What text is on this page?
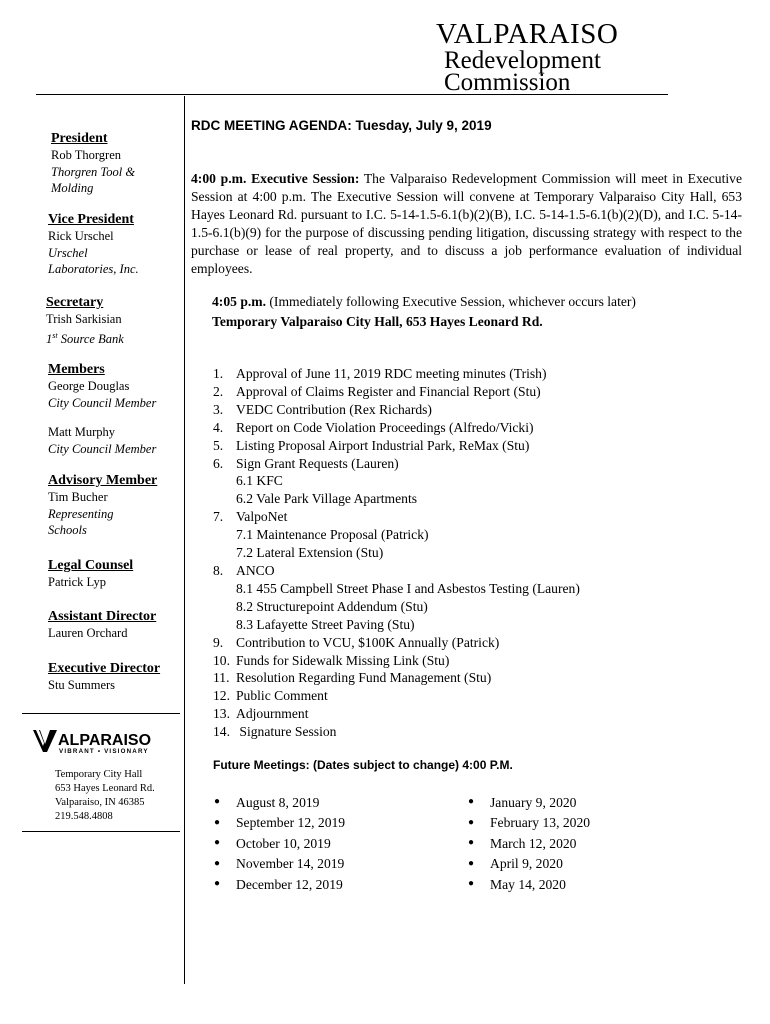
VALPARAISO
Redevelopment
Commission
President
Rob Thorgren
Thorgren Tool &
Molding
Vice President
Rick Urschel
Urschel
Laboratories, Inc.
Secretary
Trish Sarkisian
1st Source Bank
Members
George Douglas
City Council Member
Matt Murphy
City Council Member
Advisory Member
Tim Bucher
Representing
Schools
Legal Counsel
Patrick Lyp
Assistant Director
Lauren Orchard
Executive Director
Stu Summers
ALPARAISO
VIBRANT • VISIONARY
Temporary City Hall
653 Hayes Leonard Rd.
Valparaiso, IN 46385
219.548.4808
RDC MEETING AGENDA: Tuesday, July 9, 2019
4:00 p.m. Executive Session: The Valparaiso Redevelopment Commission will meet in Executive Session at 4:00 p.m. The Executive Session will convene at Temporary Valparaiso City Hall, 653 Hayes Leonard Rd. pursuant to I.C. 5-14-1.5-6.1(b)(2)(B), I.C. 5-14-1.5-6.1(b)(2)(D), and I.C. 5-14-1.5-6.1(b)(9) for the purpose of discussing pending litigation, discussing strategy with respect to the purchase or lease of real property, and to discuss a job performance evaluation of individual employees.
4:05 p.m. (Immediately following Executive Session, whichever occurs later)
Temporary Valparaiso City Hall, 653 Hayes Leonard Rd.
1. Approval of June 11, 2019 RDC meeting minutes (Trish)
2. Approval of Claims Register and Financial Report (Stu)
3. VEDC Contribution (Rex Richards)
4. Report on Code Violation Proceedings (Alfredo/Vicki)
5. Listing Proposal Airport Industrial Park, ReMax (Stu)
6. Sign Grant Requests (Lauren)
6.1 KFC
6.2 Vale Park Village Apartments
7. ValpoNet
7.1 Maintenance Proposal (Patrick)
7.2 Lateral Extension (Stu)
8. ANCO
8.1 455 Campbell Street Phase I and Asbestos Testing (Lauren)
8.2 Structurepoint Addendum (Stu)
8.3 Lafayette Street Paving (Stu)
9. Contribution to VCU, $100K Annually (Patrick)
10. Funds for Sidewalk Missing Link (Stu)
11. Resolution Regarding Fund Management (Stu)
12. Public Comment
13. Adjournment
14. Signature Session
Future Meetings: (Dates subject to change) 4:00 P.M.
● August 8, 2019
● September 12, 2019
● October 10, 2019
● November 14, 2019
● December 12, 2019
● January 9, 2020
● February 13, 2020
● March 12, 2020
● April 9, 2020
● May 14, 2020
